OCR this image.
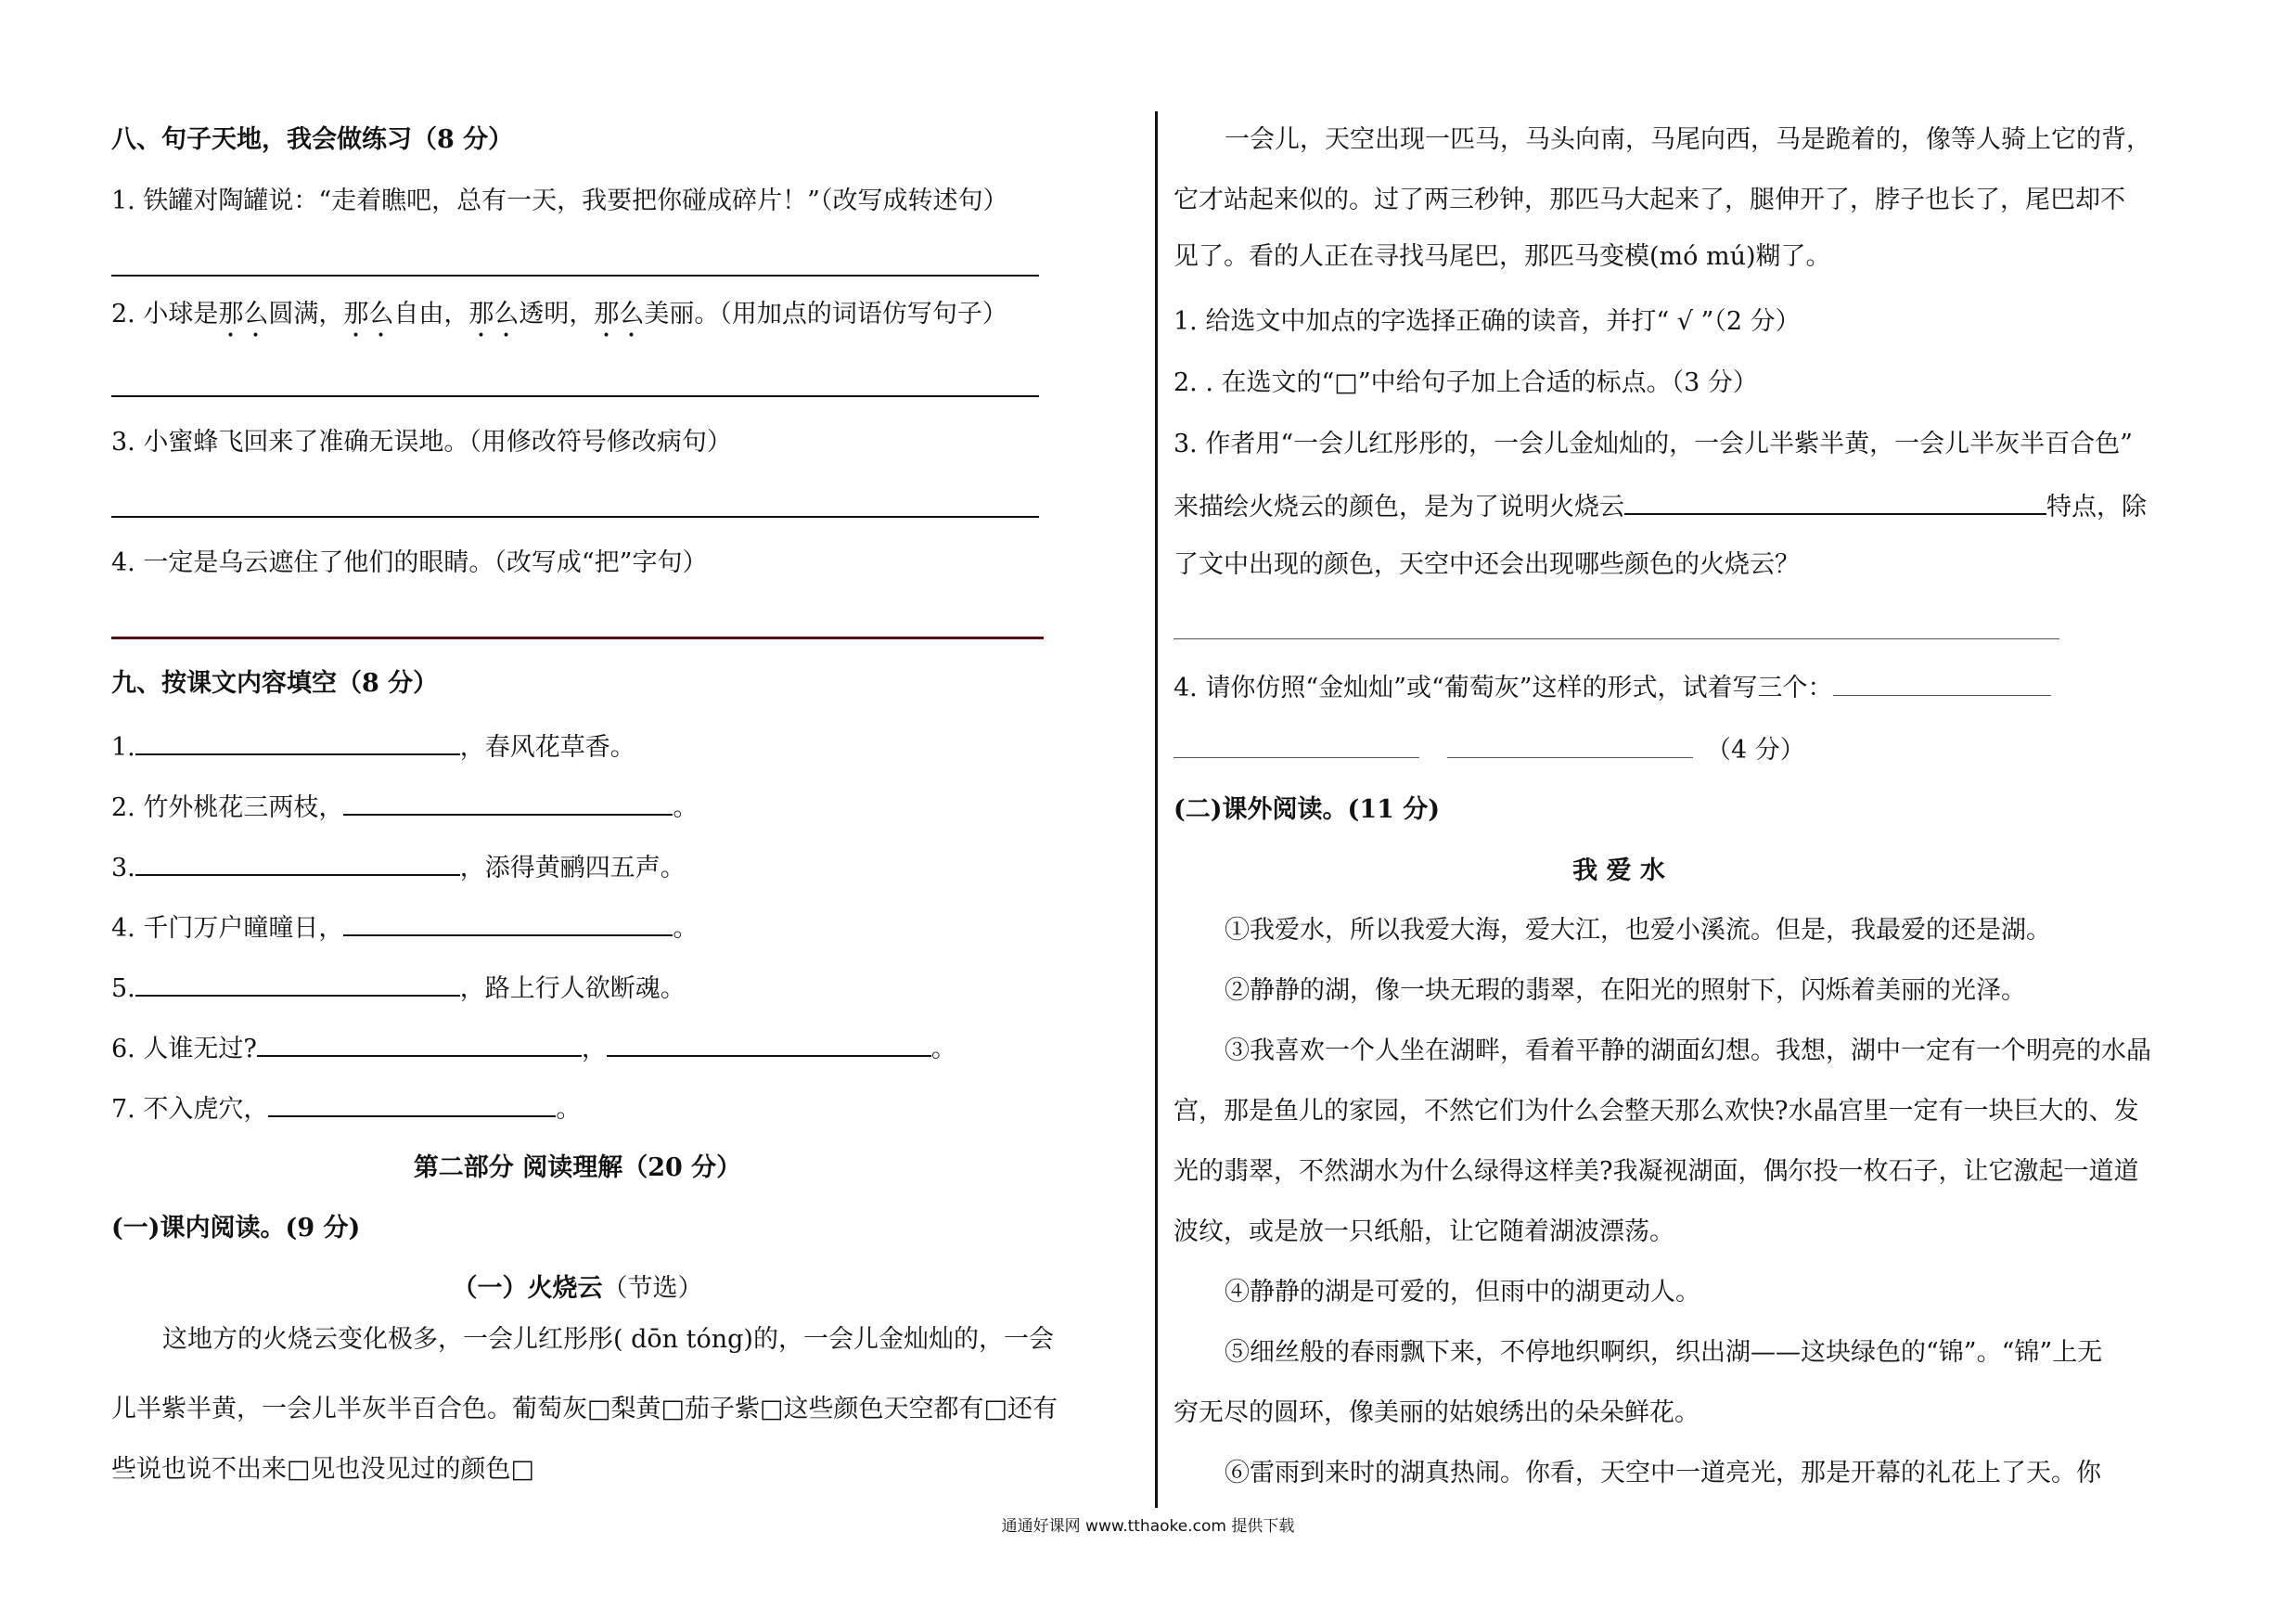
八、句子天地，我会做练习（8 分）
1. 铁罐对陶罐说：“走着瞧吧，总有一天，我要把你碰成碎片！”（改写成转述句）
2. 小球是那么圆满，那么自由，那么透明，那么美丽。（用加点的词语仿写句子）
3. 小蜜蜂飞回来了准确无误地。（用修改符号修改病句）
4. 一定是乌云遮住了他们的眼睛。（改写成“把”字句）
九、按课文内容填空（8 分）
1.	，春风花草香。
2. 竹外桃花三两枝，	。
3.	，添得黄鹂四五声。
4. 千门万户曈曈日，	。
5.	，路上行人欲断魂。
6. 人谁无过?	，	。
7. 不入虎穴，	。
第二部分 阅读理解（20 分）
(一)课内阅读。(9 分)
（一）火烧云（节选）
这地方的火烧云变化极多，一会儿红彤彤( dōn tóng)的，一会儿金灿灿的，一会
儿半紫半黄，一会儿半灰半百合色。葡萄灰□梨黄□茄子紫□这些颜色天空都有□还有
些说也说不出来□见也没见过的颜色□
一会儿，天空出现一匹马，马头向南，马尾向西，马是跪着的，像等人骑上它的背，
它才站起来似的。过了两三秒钟，那匹马大起来了，腿伸开了，脖子也长了，尾巴却不
见了。看的人正在寻找马尾巴，那匹马变模(mó mú)糊了。
1. 给选文中加点的字选择正确的读音，并打“ √ ”（2 分）
2. . 在选文的“□”中给句子加上合适的标点。（3 分）
3. 作者用“一会儿红彤彤的，一会儿金灿灿的，一会儿半紫半黄，一会儿半灰半百合色”
来描绘火烧云的颜色，是为了说明火烧云	特点，除
了文中出现的颜色，天空中还会出现哪些颜色的火烧云？
4. 请你仿照“金灿灿”或“葡萄灰”这样的形式，试着写三个：
（4 分）
(二)课外阅读。(11 分)
我 爱 水
①我爱水，所以我爱大海，爱大江，也爱小溪流。但是，我最爱的还是湖。
②静静的湖，像一块无瑕的翡翠，在阳光的照射下，闪烁着美丽的光泽。
③我喜欢一个人坐在湖畔，看着平静的湖面幻想。我想，湖中一定有一个明亮的水晶
宫，那是鱼儿的家园，不然它们为什么会整天那么欢快?水晶宫里一定有一块巨大的、发
光的翡翠，不然湖水为什么绿得这样美?我凝视湖面，偶尔投一枚石子，让它激起一道道
波纹，或是放一只纸船，让它随着湖波漂荡。
④静静的湖是可爱的，但雨中的湖更动人。
⑤细丝般的春雨飘下来，不停地织啊织，织出湖——这块绿色的“锦”。“锦”上无
穷无尽的圆环，像美丽的姑娘绣出的朵朵鲜花。
⑥雷雨到来时的湖真热闹。你看，天空中一道亮光，那是开幕的礼花上了天。你
通通好课网 www.tthaoke.com 提供下载
